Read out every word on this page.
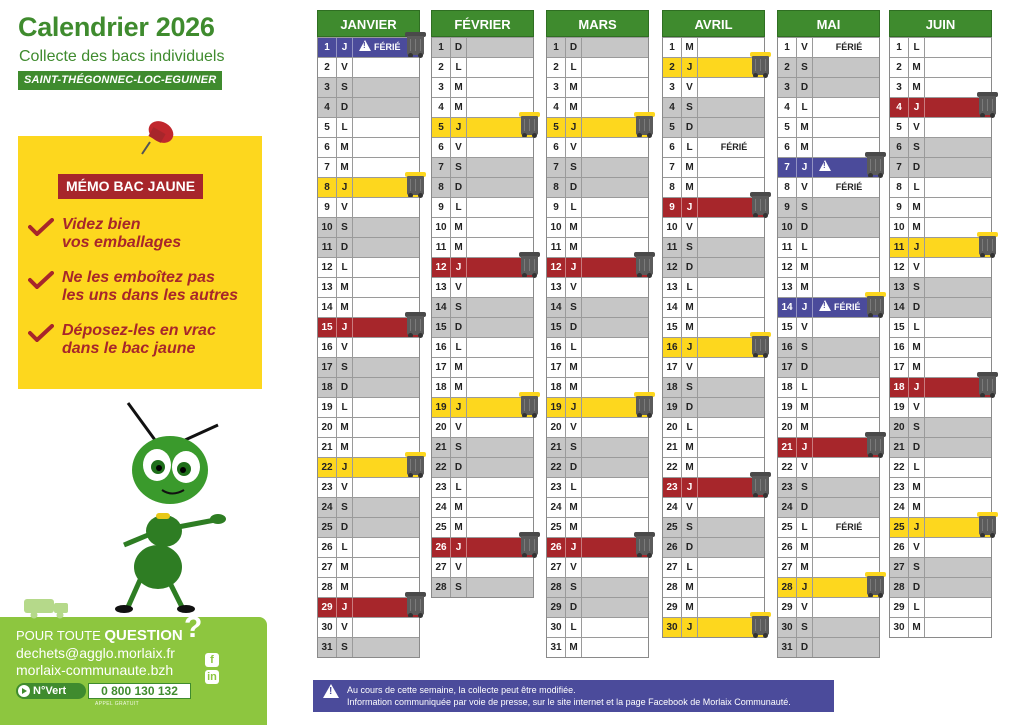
Calendrier 2026
Collecte des bacs individuels
SAINT-THÉGONNEC-LOC-EGUINER
MÉMO BAC JAUNE
Videz bien
vos emballages
Ne les emboîtez pas
les uns dans les autres
Déposez-les en vrac
dans le bac jaune
POUR TOUTE QUESTION ?
dechets@agglo.morlaix.fr
morlaix-communaute.bzh
f
in
N°Vert	0 800 130 132
APPEL GRATUIT
JANVIER
1	J !	FÉRIÉ
2	V
3	S
4	D
5	L
6	M
7	M
8	J
9	V
10 S
11 D
12 L
13 M
14 M
15 J
16 V
17 S
18 D
19 L
20 M
21 M
22 J
23 V
24 S
25 D
26 L
27 M
28 M
29 J
30 V
31 S
FÉVRIER
1	D
2	L
3	M
4	M
5	J
6	V
7	S
8	D
9	L
10 M
11 M
12 J
13 V
14 S
15 D
16 L
17 M
18 M
19 J
20 V
21 S
22 D
23 L
24 M
25 M
26 J
27 V
28 S
MARS
1	D
2	L
3	M
4	M
5	J
6	V
7	S
8	D
9	L
10 M
11 M
12 J
13 V
14 S
15 D
16 L
17 M
18 M
19 J
20 V
21 S
22 D
23 L
24 M
25 M
26 J
27 V
28 S
29 D
30 L
31 M
AVRIL
1	M
2	J
3	V
4	S
5	D
6	L	FÉRIÉ
7	M
8	M
9	J
10 V
11 S
12 D
13 L
14 M
15 M
16 J
17 V
18 S
19 D
20 L
21 M
22 M
23 J
24 V
25 S
26 D
27 L
28 M
29 M
30 J
MAI
1	V	FÉRIÉ
2	S
3	D
4	L
5	M
6	M
7	J
!
8	V	FÉRIÉ
9	S
10 D
11 L
12 M
13 M
14 J !	FÉRIÉ
15 V
16 S
17 D
18 L
19 M
20 M
21 J
22 V
23 S
24 D
25 L	FÉRIÉ
26 M
27 M
28 J
29 V
30 S
31 D
JUIN
1	L
2	M
3	M
4	J
5	V
6	S
7	D
8	L
9	M
10 M
11 J
12 V
13 S
14 D
15 L
16 M
17 M
18 J
19 V
20 S
21 D
22 L
23 M
24 M
25 J
26 V
27 S
28 D
29 L
30 M
!
Au cours de cette semaine, la collecte peut être modifiée.
Information communiquée par voie de presse, sur le site internet et la page Facebook de Morlaix Communauté.
